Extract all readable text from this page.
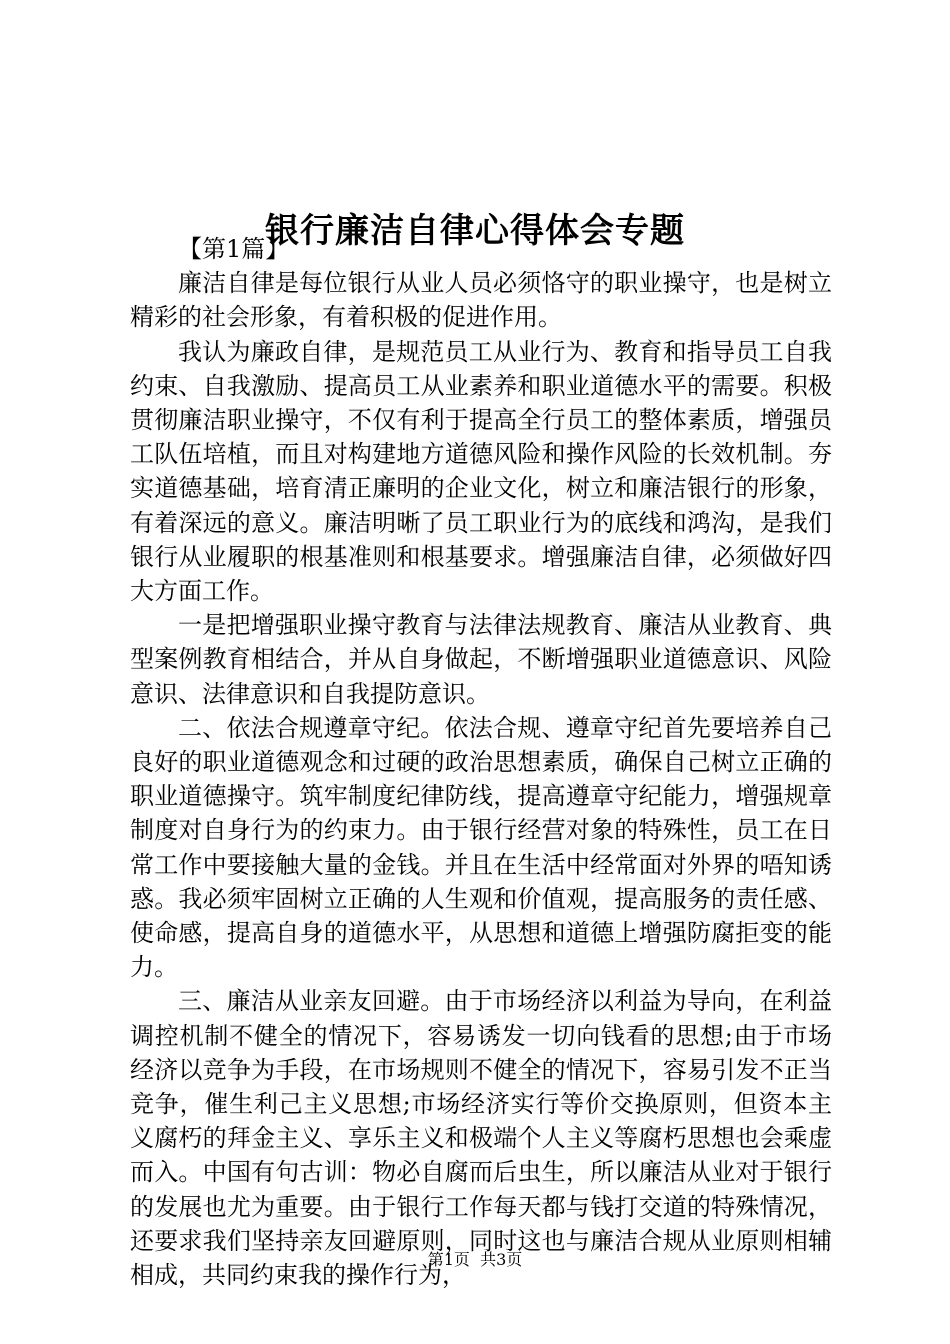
银行廉洁自律心得体会专题

【第1篇】

廉洁自律是每位银行从业人员必须恪守的职业操守，也是树立精彩的社会形象，有着积极的促进作用。

我认为廉政自律，是规范员工从业行为、教育和指导员工自我约束、自我激励、提高员工从业素养和职业道德水平的需要。积极贯彻廉洁职业操守，不仅有利于提高全行员工的整体素质，增强员工队伍培植，而且对构建地方道德风险和操作风险的长效机制。夯实道德基础，培育清正廉明的企业文化，树立和廉洁银行的形象，有着深远的意义。廉洁明晰了员工职业行为的底线和鸿沟，是我们银行从业履职的根基准则和根基要求。增强廉洁自律，必须做好四大方面工作。

一是把增强职业操守教育与法律法规教育、廉洁从业教育、典型案例教育相结合，并从自身做起，不断增强职业道德意识、风险意识、法律意识和自我提防意识。

二、依法合规遵章守纪。依法合规、遵章守纪首先要培养自己良好的职业道德观念和过硬的政治思想素质，确保自己树立正确的职业道德操守。筑牢制度纪律防线，提高遵章守纪能力，增强规章制度对自身行为的约束力。由于银行经营对象的特殊性，员工在日常工作中要接触大量的金钱。并且在生活中经常面对外界的唔知诱惑。我必须牢固树立正确的人生观和价值观，提高服务的责任感、使命感，提高自身的道德水平，从思想和道德上增强防腐拒变的能力。

三、廉洁从业亲友回避。由于市场经济以利益为导向，在利益调控机制不健全的情况下，容易诱发一切向钱看的思想;由于市场经济以竞争为手段，在市场规则不健全的情况下，容易引发不正当竞争，催生利己主义思想;市场经济实行等价交换原则，但资本主义腐朽的拜金主义、享乐主义和极端个人主义等腐朽思想也会乘虚而入。中国有句古训：物必自腐而后虫生，所以廉洁从业对于银行的发展也尤为重要。由于银行工作每天都与钱打交道的特殊情况，还要求我们坚持亲友回避原则，同时这也与廉洁合规从业原则相辅相成，共同约束我的操作行为，

第1页  共3页
